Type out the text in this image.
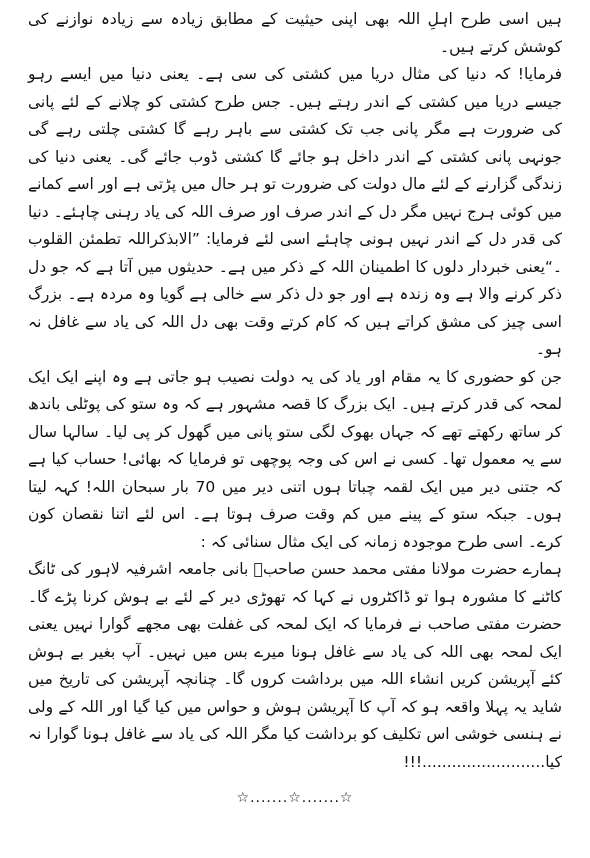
ہیں اسی طرح اہلِ اللہ بھی اپنی حیثیت کے مطابق زیادہ سے زیادہ نوازنے کی کوشش کرتے ہیں۔

فرمایا! کہ دنیا کی مثال دریا میں کشتی کی سی ہے۔ یعنی دنیا میں ایسے رہو جیسے دریا میں کشتی کے اندر رہتے ہیں۔ جس طرح کشتی کو چلانے کے لئے پانی کی ضرورت ہے مگر پانی جب تک کشتی سے باہر رہے گا کشتی چلتی رہے گی جونہی پانی کشتی کے اندر داخل ہو جائے گا کشتی ڈوب جائے گی۔ یعنی دنیا کی زندگی گزارنے کے لئے مال دولت کی ضرورت تو ہر حال میں پڑتی ہے اور اسے کمانے میں کوئی ہرج نہیں مگر دل کے اندر صرف اور صرف اللہ کی یاد رہنی چاہئے۔ دنیا کی قدر دل کے اندر نہیں ہونی چاہئے اسی لئے فرمایا: ”الابذکراللہ تطمئن القلوب ۔“یعنی خبردار دلوں کا اطمینان اللہ کے ذکر میں ہے۔ حدیثوں میں آتا ہے کہ جو دل ذکر کرنے والا ہے وہ زندہ ہے اور جو دل ذکر سے خالی ہے گویا وہ مردہ ہے۔ بزرگ اسی چیز کی مشق کراتے ہیں کہ کام کرتے وقت بھی دل اللہ کی یاد سے غافل نہ ہو۔

جن کو حضوری کا یہ مقام اور یاد کی یہ دولت نصیب ہو جاتی ہے وہ اپنے ایک ایک لمحہ کی قدر کرتے ہیں۔ ایک بزرگ کا قصہ مشہور ہے کہ وہ ستو کی پوٹلی باندھ کر ساتھ رکھتے تھے کہ جہاں بھوک لگی ستو پانی میں گھول کر پی لیا۔ سالہا سال سے یہ معمول تھا۔ کسی نے اس کی وجہ پوچھی تو فرمایا کہ بھائی! حساب کیا ہے کہ جتنی دیر میں ایک لقمہ چباتا ہوں اتنی دیر میں 70 بار سبحان اللہ! کہہ لیتا ہوں۔ جبکہ ستو کے پینے میں کم وقت صرف ہوتا ہے۔ اس لئے اتنا نقصان کون کرے۔ اسی طرح موجودہ زمانہ کی ایک مثال سنائی کہ :

ہمارے حضرت مولانا مفتی محمد حسن صاحبؒ بانی جامعہ اشرفیہ لاہور کی ٹانگ کاٹنے کا مشورہ ہوا تو ڈاکٹروں نے کہا کہ تھوڑی دیر کے لئے بے ہوش کرنا پڑے گا۔ حضرت مفتی صاحب نے فرمایا کہ ایک لمحہ کی غفلت بھی مجھے گوارا نہیں یعنی ایک لمحہ بھی اللہ کی یاد سے غافل ہونا میرے بس میں نہیں۔ آپ بغیر بے ہوش کئے آپریشن کریں انشاء اللہ میں برداشت کروں گا۔ چنانچہ آپریشن کی تاریخ میں شاید یہ پہلا واقعہ ہو کہ آپ کا آپریشن ہوش و حواس میں کیا گیا اور اللہ کے ولی نے ہنسی خوشی اس تکلیف کو برداشت کیا مگر اللہ کی یاد سے غافل ہونا گوارا نہ کیا.........................!!!

☆.......☆.......☆
